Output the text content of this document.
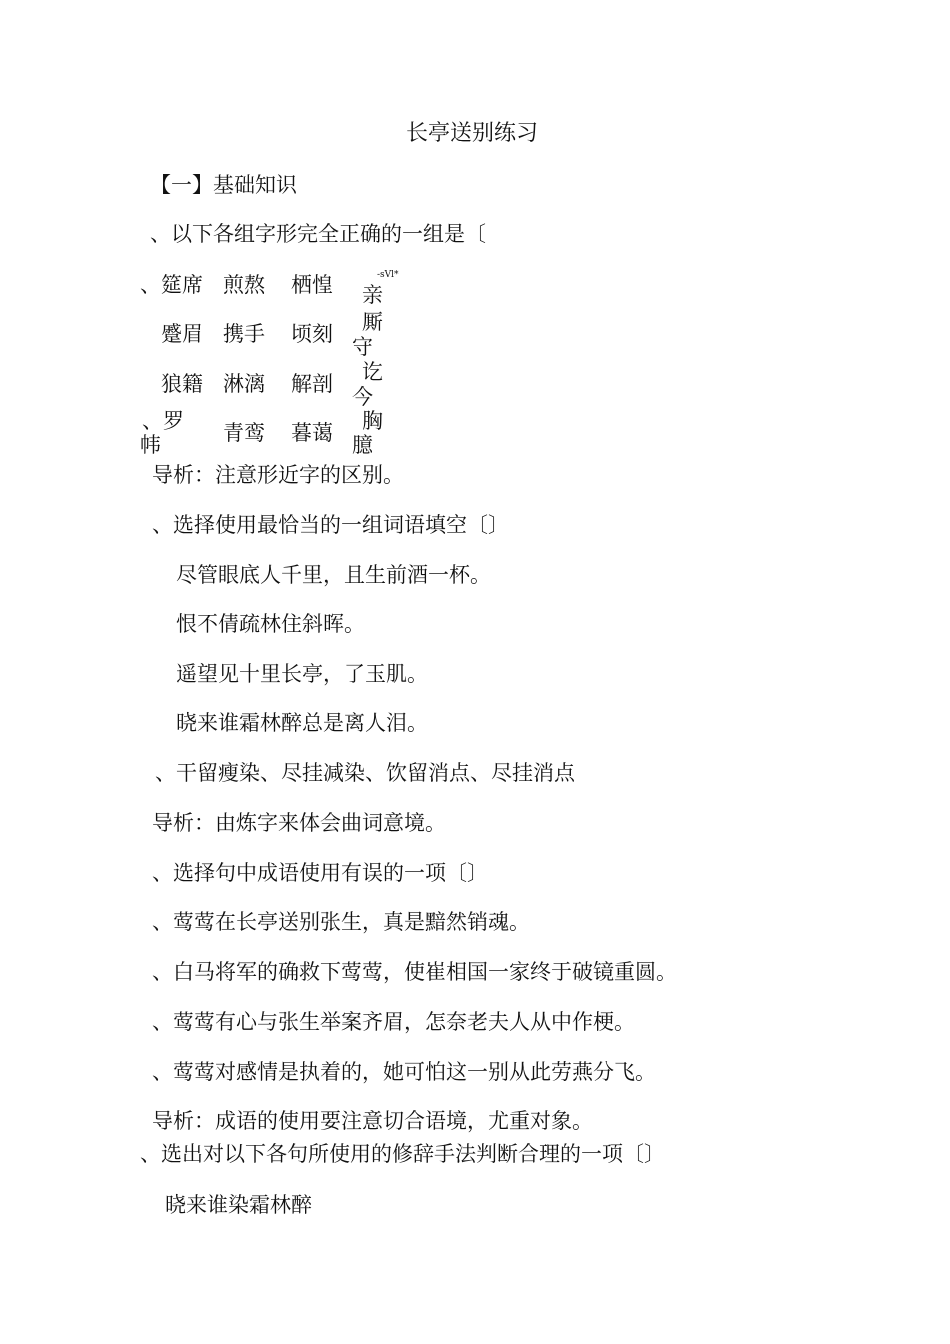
长亭送别练习
【一】基础知识
、以下各组字形完全正确的一组是〔
-sVl*
、筵席 煎熬 栖惶 亲
蹙眉 携手 顷刻	厮守
狼籍 淋漓 解剖	讫今
、罗帏	青鸾 暮蔼	胸臆
导析：注意形近字的区别。
、选择使用最恰当的一组词语填空〔〕
尽管眼底人千里，且生前酒一杯。
恨不倩疏林住斜晖。
遥望见十里长亭，了玉肌。
晓来谁霜林醉总是离人泪。
、干留瘦染、尽挂减染、饮留消点、尽挂消点
导析：由炼字来体会曲词意境。
、选择句中成语使用有误的一项〔〕
、莺莺在长亭送别张生，真是黯然销魂。
、白马将军的确救下莺莺，使崔相国一家终于破镜重圆。
、莺莺有心与张生举案齐眉，怎奈老夫人从中作梗。
、莺莺对感情是执着的，她可怕这一别从此劳燕分飞。
导析：成语的使用要注意切合语境，尤重对象。
、选出对以下各句所使用的修辞手法判断合理的一项〔〕
晓来谁染霜林醉
